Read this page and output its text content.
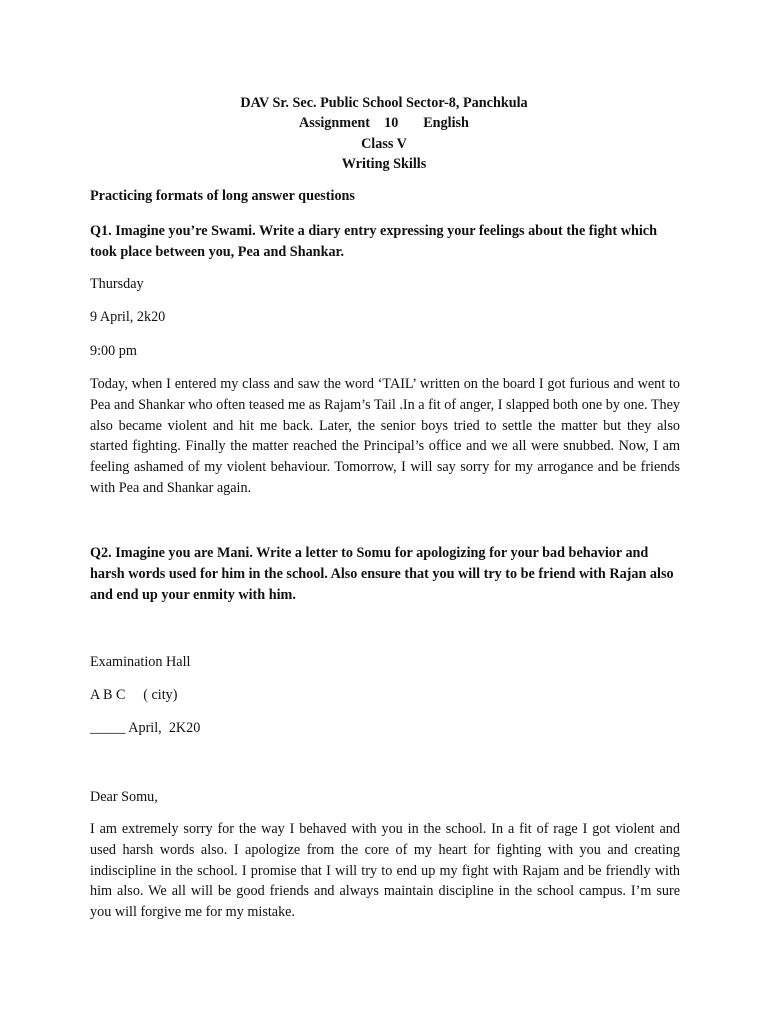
DAV Sr. Sec. Public School Sector-8, Panchkula
Assignment    10       English
Class V
Writing Skills

Practicing formats of long answer questions

Q1. Imagine you’re Swami. Write a diary entry expressing your feelings about the fight which took place between you, Pea and Shankar.

Thursday

9 April, 2k20

9:00 pm

Today, when I entered my class and saw the word ‘TAIL’ written on the board I got furious and went to Pea and Shankar who often teased me as Rajam’s Tail .In a fit of anger, I slapped both one by one. They also became violent and hit me back. Later, the senior boys tried to settle the matter but they also started fighting. Finally the matter reached the Principal’s office and we all were snubbed. Now, I am feeling ashamed of my violent behaviour. Tomorrow, I will say sorry for my arrogance and be friends with Pea and Shankar again.

Q2. Imagine you are Mani. Write a letter to Somu for apologizing for your bad behavior and harsh words used for him in the school. Also ensure that you will try to be friend with Rajan also and end up your enmity with him.

Examination Hall

A B C     ( city)

_____ April,  2K20

Dear Somu,

I am extremely sorry for the way I behaved with you in the school. In a fit of rage I got violent and used harsh words also. I apologize from the core of my heart for fighting with you and creating indiscipline in the school. I promise that I will try to end up my fight with Rajam and be friendly with him also. We all will be good friends and always maintain discipline in the school campus. I’m sure you will forgive me for my mistake.
